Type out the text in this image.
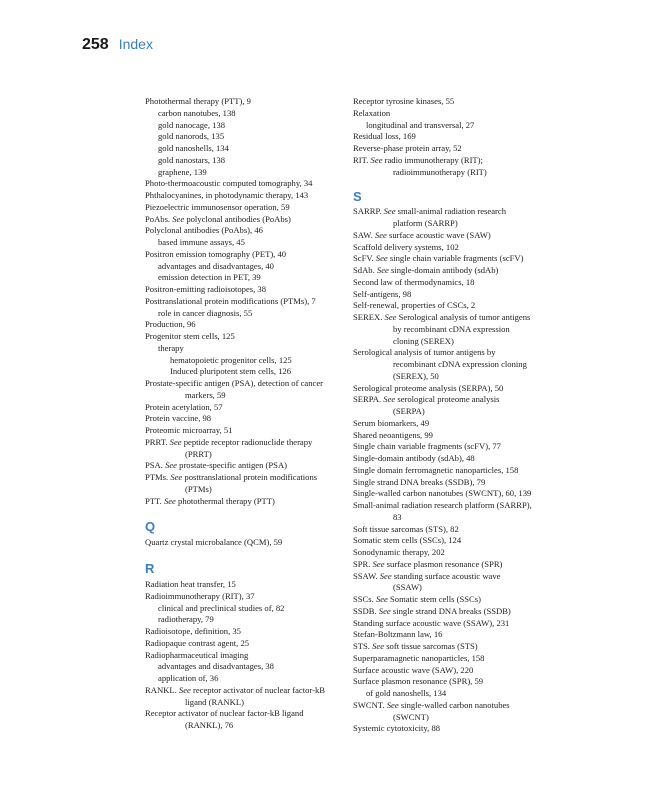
258 Index

Photothermal therapy (PTT), 9

carbon nanotubes, 138

gold nanocage, 138

gold nanorods, 135

gold nanoshells, 134

gold nanostars, 138

graphene, 139

Photo-thermoacoustic computed tomography, 34

Phthalocyanines, in photodynamic therapy, 143

Piezoelectric immunosensor operation, 59

PoAbs. See polyclonal antibodies (PoAbs)

Polyclonal antibodies (PoAbs), 46

based immune assays, 45

Positron emission tomography (PET), 40

advantages and disadvantages, 40

emission detection in PET, 39

Positron-emitting radioisotopes, 38

Posttranslational protein modifications (PTMs), 7

role in cancer diagnosis, 55

Production, 96

Progenitor stem cells, 125

therapy

hematopoietic progenitor cells, 125

Induced pluripotent stem cells, 126

Prostate-specific antigen (PSA), detection of cancer

markers, 59

Protein acetylation, 57

Protein vaccine, 98

Proteomic microarray, 51

PRRT. See peptide receptor radionuclide therapy

(PRRT)

PSA. See prostate-specific antigen (PSA)

PTMs. See posttranslational protein modifications

(PTMs)

PTT. See photothermal therapy (PTT)

Q

Quartz crystal microbalance (QCM), 59

R

Radiation heat transfer, 15

Radioimmunotherapy (RIT), 37

clinical and preclinical studies of, 82

radiotherapy, 79

Radioisotope, definition, 35

Radiopaque contrast agent, 25

Radiopharmaceutical imaging

advantages and disadvantages, 38

application of, 36

RANKL. See receptor activator of nuclear factor-kB

ligand (RANKL)

Receptor activator of nuclear factor-kB ligand

(RANKL), 76

Receptor tyrosine kinases, 55

Relaxation

longitudinal and transversal, 27

Residual loss, 169

Reverse-phase protein array, 52

RIT. See radio immunotherapy (RIT);

radioimmunotherapy (RIT)

S

SARRP. See small-animal radiation research

platform (SARRP)

SAW. See surface acoustic wave (SAW)

Scaffold delivery systems, 102

ScFV. See single chain variable fragments (scFV)

SdAb. See single-domain antibody (sdAb)

Second law of thermodynamics, 18

Self-antigens, 98

Self-renewal, properties of CSCs, 2

SEREX. See Serological analysis of tumor antigens

by recombinant cDNA expression

cloning (SEREX)

Serological analysis of tumor antigens by

recombinant cDNA expression cloning

(SEREX), 50

Serological proteome analysis (SERPA), 50

SERPA. See serological proteome analysis

(SERPA)

Serum biomarkers, 49

Shared neoantigens, 99

Single chain variable fragments (scFV), 77

Single-domain antibody (sdAb), 48

Single domain ferromagnetic nanoparticles, 158

Single strand DNA breaks (SSDB), 79

Single-walled carbon nanotubes (SWCNT), 60, 139

Small-animal radiation research platform (SARRP),

83

Soft tissue sarcomas (STS), 82

Somatic stem cells (SSCs), 124

Sonodynamic therapy, 202

SPR. See surface plasmon resonance (SPR)

SSAW. See standing surface acoustic wave

(SSAW)

SSCs. See Somatic stem cells (SSCs)

SSDB. See single strand DNA breaks (SSDB)

Standing surface acoustic wave (SSAW), 231

Stefan-Boltzmann law, 16

STS. See soft tissue sarcomas (STS)

Superparamagnetic nanoparticles, 158

Surface acoustic wave (SAW), 220

Surface plasmon resonance (SPR), 59

of gold nanoshells, 134

SWCNT. See single-walled carbon nanotubes

(SWCNT)

Systemic cytotoxicity, 88
